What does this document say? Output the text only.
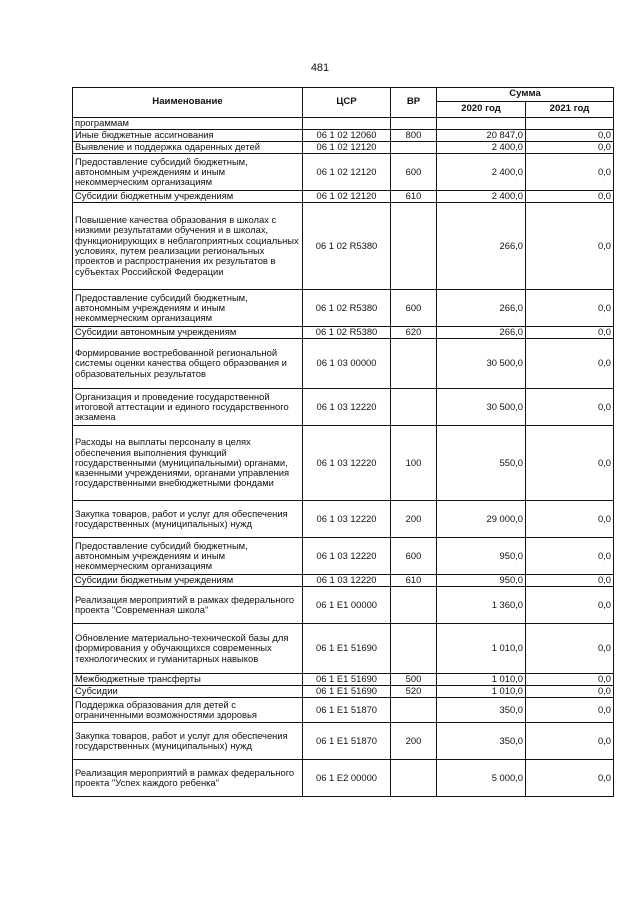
481
Наименование	ЦСР	ВР	Сумма	
			2020 год	2021 год
программам				
Иные бюджетные ассигнования	06 1 02 12060	800	20 847,0	0,0
Выявление и поддержка одаренных детей	06 1 02 12120		2 400,0	0,0
Предоставление субсидий бюджетным, автономным учреждениям и иным некоммерческим организациям	06 1 02 12120	600	2 400,0	0,0
Субсидии бюджетным учреждениям	06 1 02 12120	610	2 400,0	0,0
Повышение качества образования в школах с низкими результатами обучения и в школах, функционирующих в неблагоприятных социальных условиях, путем реализации региональных проектов и распространения их результатов в субъектах Российской Федерации	06 1 02 R5380		266,0	0,0
Предоставление субсидий бюджетным, автономным учреждениям и иным некоммерческим организациям	06 1 02 R5380	600	266,0	0,0
Субсидии автономным учреждениям	06 1 02 R5380	620	266,0	0,0
Формирование востребованной региональной системы оценки качества общего образования и образовательных результатов	06 1 03 00000		30 500,0	0,0
Организация и проведение государственной итоговой аттестации и единого государственного экзамена	06 1 03 12220		30 500,0	0,0
Расходы на выплаты персоналу в целях обеспечения выполнения функций государственными (муниципальными) органами, казенными учреждениями, органами управления государственными внебюджетными фондами	06 1 03 12220	100	550,0	0,0
Закупка товаров, работ и услуг для обеспечения государственных (муниципальных) нужд	06 1 03 12220	200	29 000,0	0,0
Предоставление субсидий бюджетным, автономным учреждениям и иным некоммерческим организациям	06 1 03 12220	600	950,0	0,0
Субсидии бюджетным учреждениям	06 1 03 12220	610	950,0	0,0
Реализация мероприятий в рамках федерального проекта "Современная школа"	06 1 E1 00000		1 360,0	0,0
Обновление материально-технической базы для формирования у обучающихся современных технологических и гуманитарных навыков	06 1 E1 51690		1 010,0	0,0
Межбюджетные трансферты	06 1 E1 51690	500	1 010,0	0,0
Субсидии	06 1 E1 51690	520	1 010,0	0,0
Поддержка образования для детей с ограниченными возможностями здоровья	06 1 E1 51870		350,0	0,0
Закупка товаров, работ и услуг для обеспечения государственных (муниципальных) нужд	06 1 E1 51870	200	350,0	0,0
Реализация мероприятий в рамках федерального проекта "Успех каждого ребенка"	06 1 E2 00000		5 000,0	0,0
